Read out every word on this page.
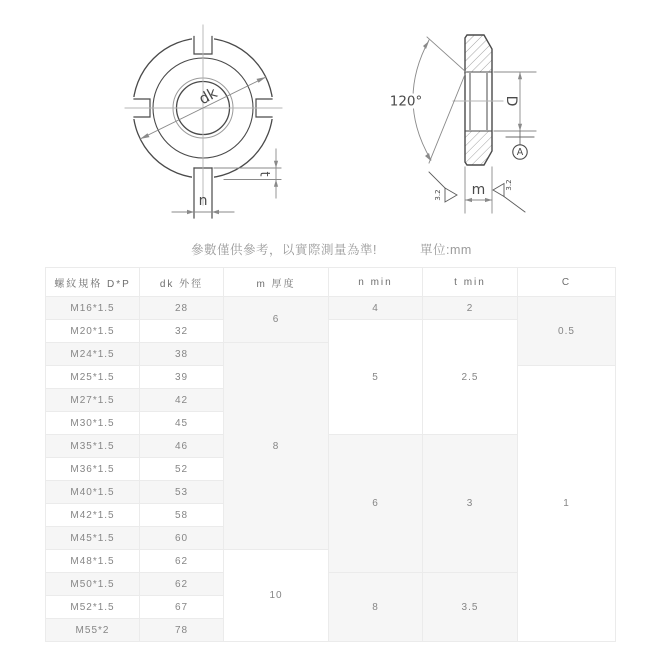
dk
n
t
120°	D
A
m
3.2
3.2
參數僅供參考，以實際測量為準!	單位:mm
螺紋規格 D*P	dk 外徑	m 厚度	n min	t min	C
M16*1.5	28	6	4	2	0.5
M20*1.5	32		5	2.5	
M24*1.5	38	8			
M25*1.5	39				1
M27*1.5	42				
M30*1.5	45				
M35*1.5	46		6	3	
M36*1.5	52				
M40*1.5	53				
M42*1.5	58				
M45*1.5	60				
M48*1.5	62	10			
M50*1.5	62		8	3.5	
M52*1.5	67				
M55*2	78				
